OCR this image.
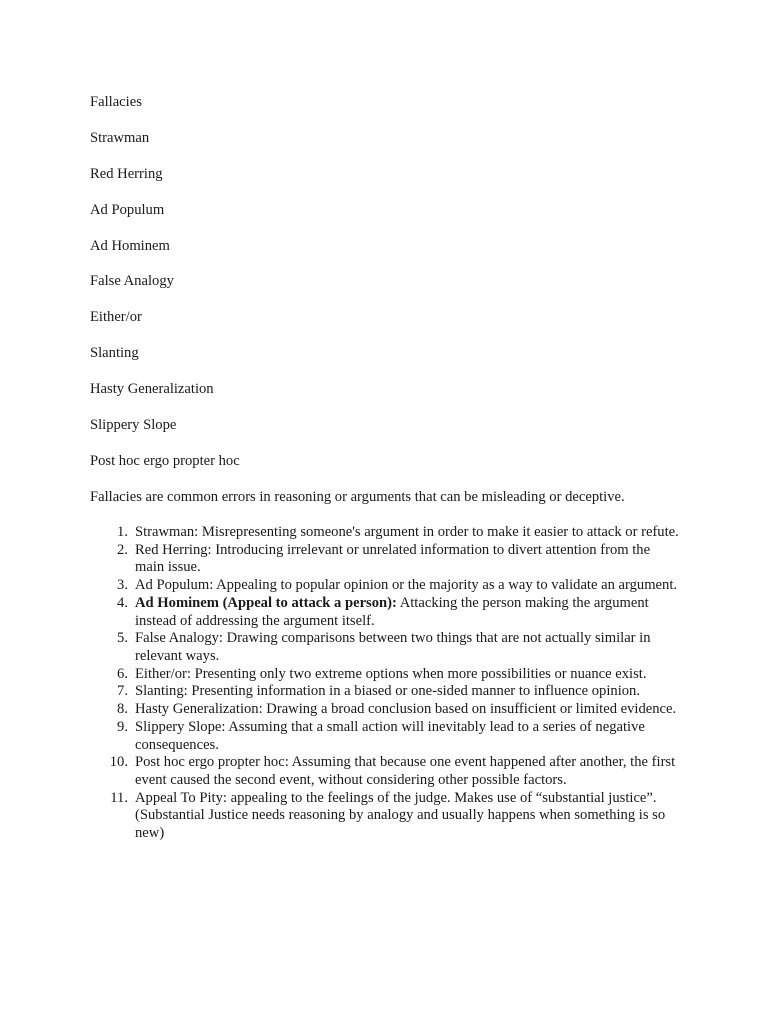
Fallacies

Strawman

Red Herring

Ad Populum

Ad Hominem

False Analogy

Either/or

Slanting

Hasty Generalization

Slippery Slope

Post hoc ergo propter hoc

Fallacies are common errors in reasoning or arguments that can be misleading or deceptive.

1. Strawman: Misrepresenting someone's argument in order to make it easier to attack or refute.
2. Red Herring: Introducing irrelevant or unrelated information to divert attention from the main issue.
3. Ad Populum: Appealing to popular opinion or the majority as a way to validate an argument.
4. Ad Hominem (Appeal to attack a person): Attacking the person making the argument instead of addressing the argument itself.
5. False Analogy: Drawing comparisons between two things that are not actually similar in relevant ways.
6. Either/or: Presenting only two extreme options when more possibilities or nuance exist.
7. Slanting: Presenting information in a biased or one-sided manner to influence opinion.
8. Hasty Generalization: Drawing a broad conclusion based on insufficient or limited evidence.
9. Slippery Slope: Assuming that a small action will inevitably lead to a series of negative consequences.
10. Post hoc ergo propter hoc: Assuming that because one event happened after another, the first event caused the second event, without considering other possible factors.
11. Appeal To Pity: appealing to the feelings of the judge. Makes use of “substantial justice”. (Substantial Justice needs reasoning by analogy and usually happens when something is so new)
